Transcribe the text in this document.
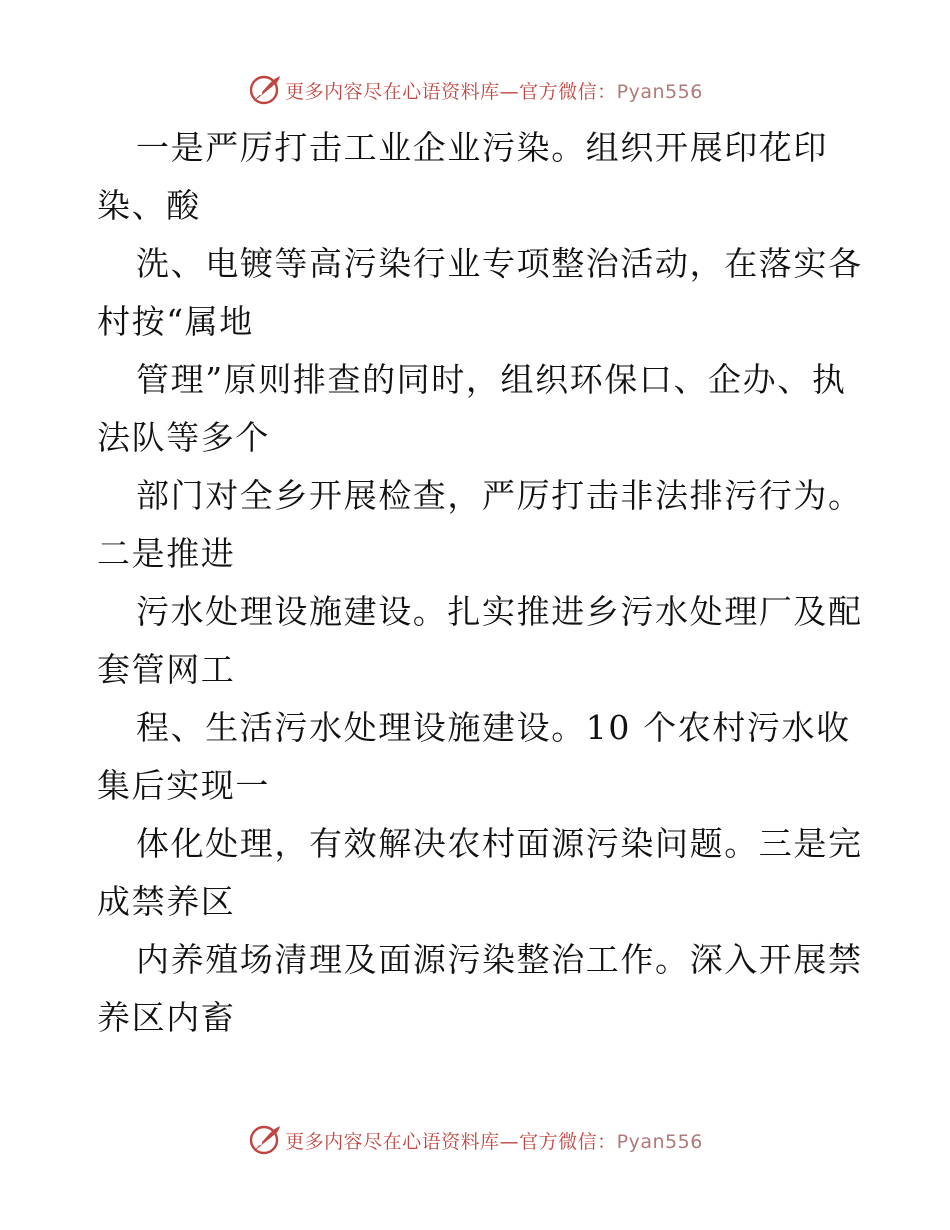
更多内容尽在心语资料库—官方微信：Pyan556
一是严厉打击工业企业污染。组织开展印花印
染、酸
洗、电镀等高污染行业专项整治活动，在落实各
村按“属地
管理”原则排查的同时，组织环保口、企办、执
法队等多个
部门对全乡开展检查，严厉打击非法排污行为。
二是推进
污水处理设施建设。扎实推进乡污水处理厂及配
套管网工
程、生活污水处理设施建设。10 个农村污水收
集后实现一
体化处理，有效解决农村面源污染问题。三是完
成禁养区
内养殖场清理及面源污染整治工作。深入开展禁
养区内畜
更多内容尽在心语资料库—官方微信：Pyan556
